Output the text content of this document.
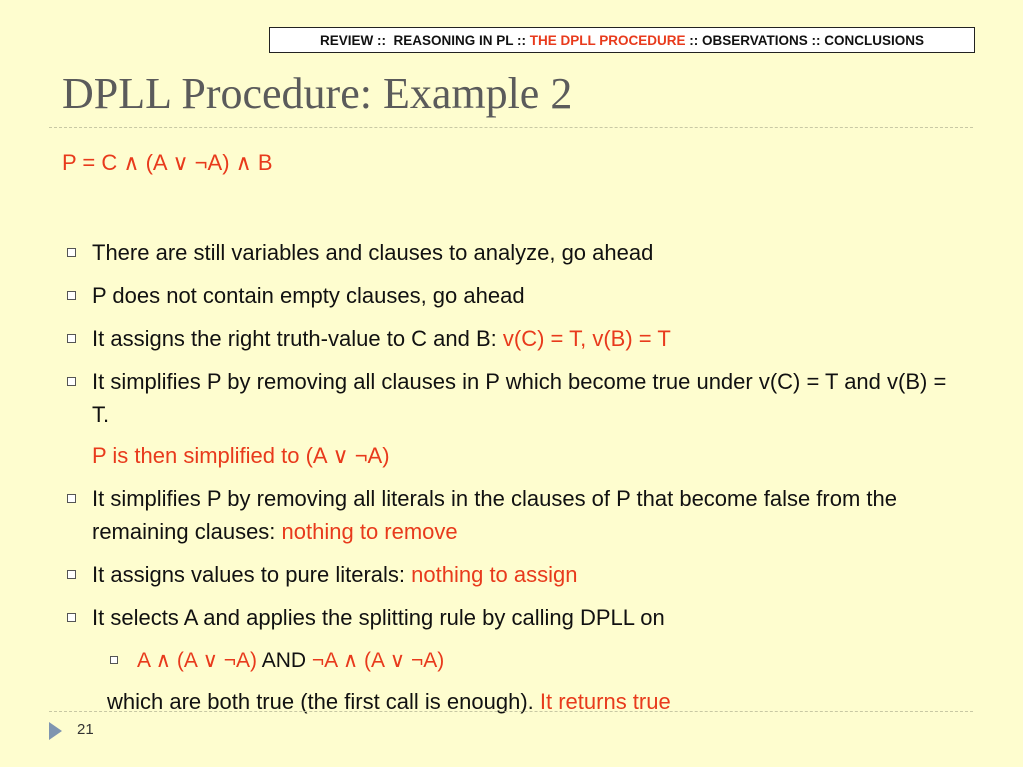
REVIEW ::  REASONING IN PL :: THE DPLL PROCEDURE :: OBSERVATIONS :: CONCLUSIONS
DPLL Procedure: Example 2
P = C ∧ (A ∨ ¬A) ∧ B
There are still variables and clauses to analyze, go ahead
P does not contain empty clauses, go ahead
It assigns the right truth-value to C and B: v(C) = T, v(B) = T
It simplifies P by removing all clauses in P which become true under v(C) = T and v(B) = T.
P is then simplified to (A ∨ ¬A)
It simplifies P by removing all literals in the clauses of P that become false from the remaining clauses: nothing to remove
It assigns values to pure literals: nothing to assign
It selects A and applies the splitting rule by calling DPLL on
A ∧ (A ∨ ¬A) AND ¬A ∧ (A ∨ ¬A)
which are both true (the first call is enough). It returns true
21
